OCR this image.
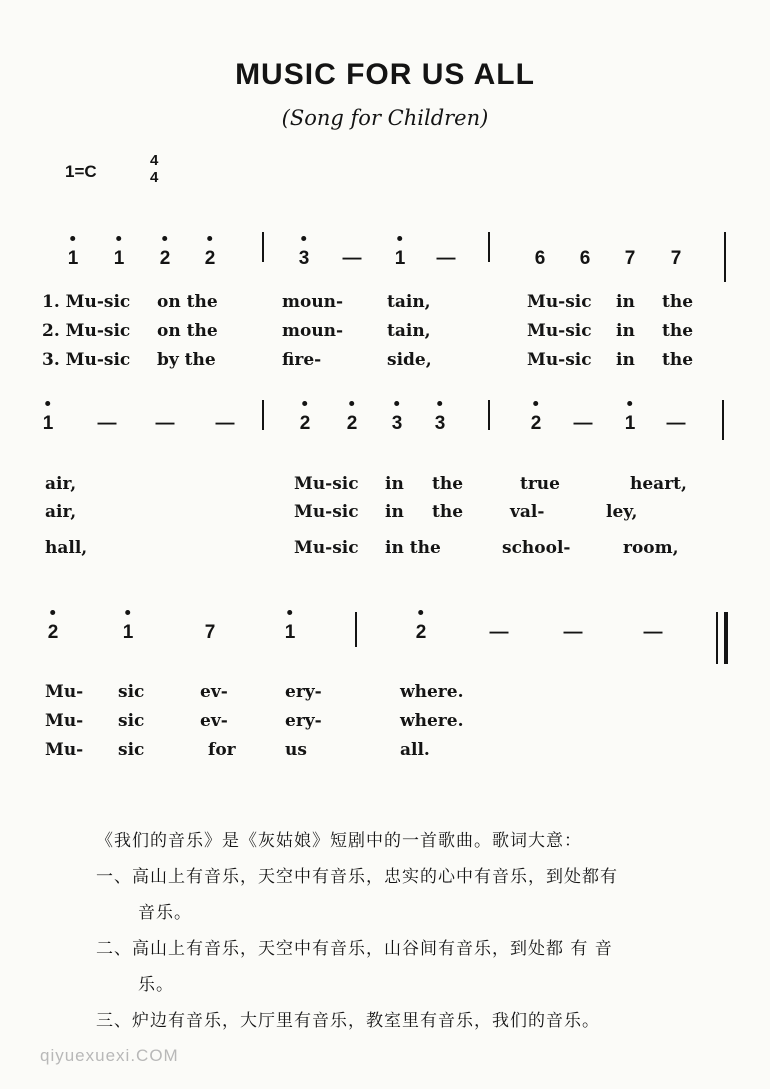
MUSIC FOR US ALL
(Song for Children)
1=C
4
4
1 1 2 2	3 — 1 —	6 6 7 7
1. Mu-sic on the	moun-	tain,	Mu-sic in the
2. Mu-sic on the	moun-	tain,	Mu-sic in the
3. Mu-sic by the	fire-	side,	Mu-sic in the
1 — — —	2 2 3 3	2 — 1 —
air,	Mu-sic in the	true	heart,
air,	Mu-sic in the	val-	ley,
hall,	Mu-sic in the	school-	room,
2	1	7	1	2	—	—	—
Mu- sic	ev-	ery-	where.
Mu- sic	ev-	ery-	where.
Mu- sic	for	us	all.
《我们的音乐》是《灰姑娘》短剧中的一首歌曲。歌词大意：
一、高山上有音乐，天空中有音乐，忠实的心中有音乐，到处都有
音乐。
二、高山上有音乐，天空中有音乐，山谷间有音乐，到处都 有 音
乐。
三、炉边有音乐，大厅里有音乐，教室里有音乐，我们的音乐。
qiyuexuexi.COM
